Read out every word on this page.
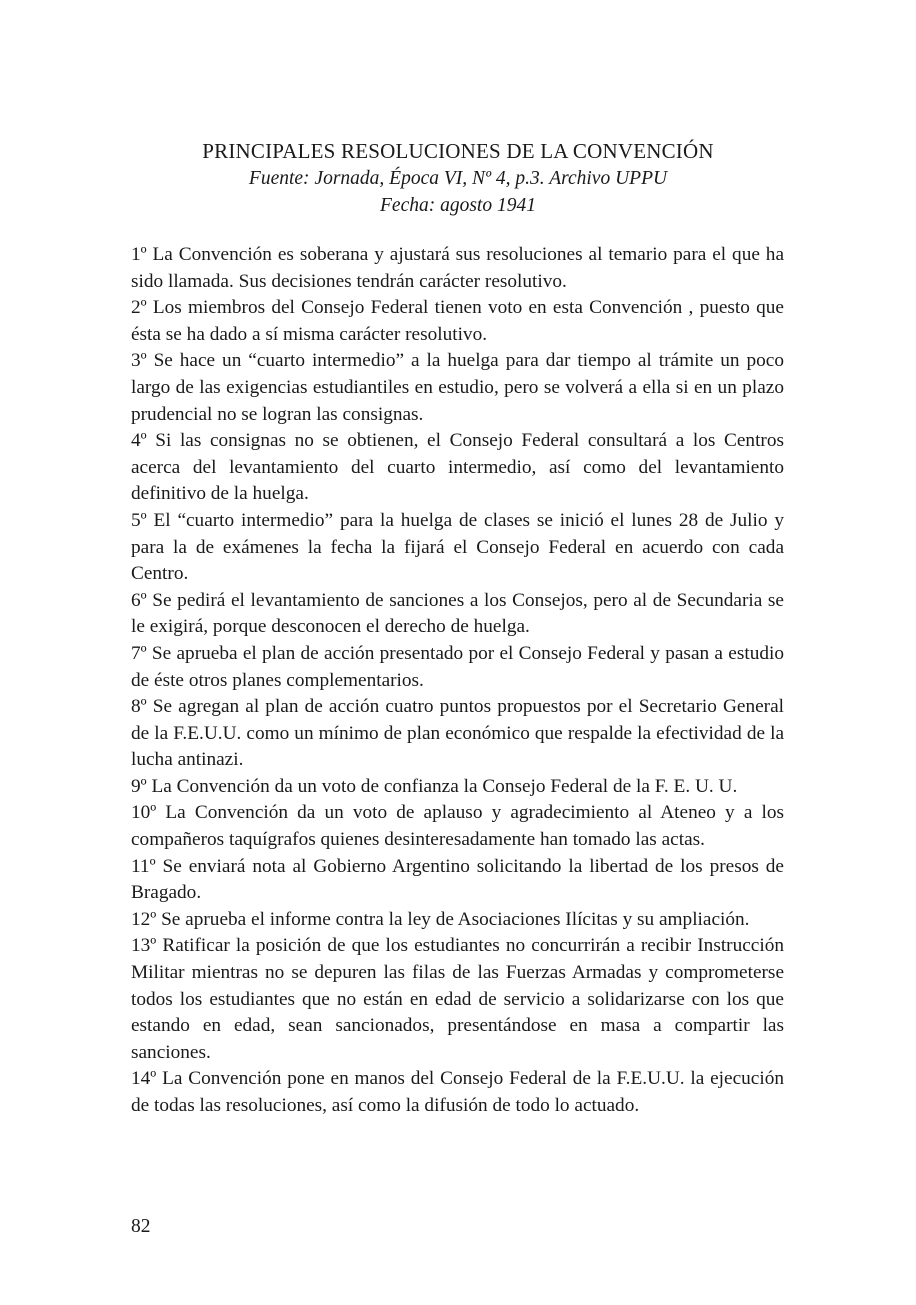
PRINCIPALES RESOLUCIONES DE LA CONVENCIÓN

Fuente: Jornada, Época VI, Nº 4, p.3. Archivo UPPU

Fecha: agosto 1941

1º La Convención es soberana y ajustará sus resoluciones al temario para el que ha sido llamada. Sus decisiones tendrán carácter resolutivo.

2º Los miembros del Consejo Federal tienen voto en esta Convención , puesto que ésta se ha dado a sí misma carácter resolutivo.

3º Se hace un “cuarto intermedio” a la huelga para dar tiempo al trámite un poco largo de las exigencias estudiantiles en estudio, pero se volverá a ella si en un plazo prudencial no se logran las consignas.

4º Si las consignas no se obtienen, el Consejo Federal consultará a los Centros acerca del levantamiento del cuarto intermedio, así como del levantamiento definitivo de la huelga.

5º El “cuarto intermedio” para la huelga de clases se inició el lunes 28 de Julio y para la de exámenes la fecha la fijará el Consejo Federal en acuerdo con cada Centro.

6º Se pedirá el levantamiento de sanciones a los Consejos, pero al de Secundaria se le exigirá, porque desconocen el derecho de huelga.

7º Se aprueba el plan de acción presentado por el Consejo Federal y pasan a estudio de éste otros planes complementarios.

8º Se agregan al plan de acción cuatro puntos propuestos por el Secretario General de la F.E.U.U. como un mínimo de plan económico que respalde la efectividad de la lucha antinazi.

9º La Convención da un voto de confianza la Consejo Federal de la F. E. U. U.

10º La Convención da un voto de aplauso y agradecimiento al Ateneo y a los compañeros taquígrafos quienes desinteresadamente han tomado las actas.

11º Se enviará nota al Gobierno Argentino solicitando la libertad de los presos de Bragado.

12º Se aprueba el informe contra la ley de Asociaciones Ilícitas y su ampliación.

13º Ratificar la posición de que los estudiantes no concurrirán a recibir Instrucción Militar mientras no se depuren las filas de las Fuerzas Armadas y comprometerse todos los estudiantes que no están en edad de servicio a solidarizarse con los que estando en edad, sean sancionados, presentándose en masa a compartir las sanciones.

14º La Convención pone en manos del Consejo Federal de la F.E.U.U. la ejecución de todas las resoluciones, así como la difusión de todo lo actuado.

82
